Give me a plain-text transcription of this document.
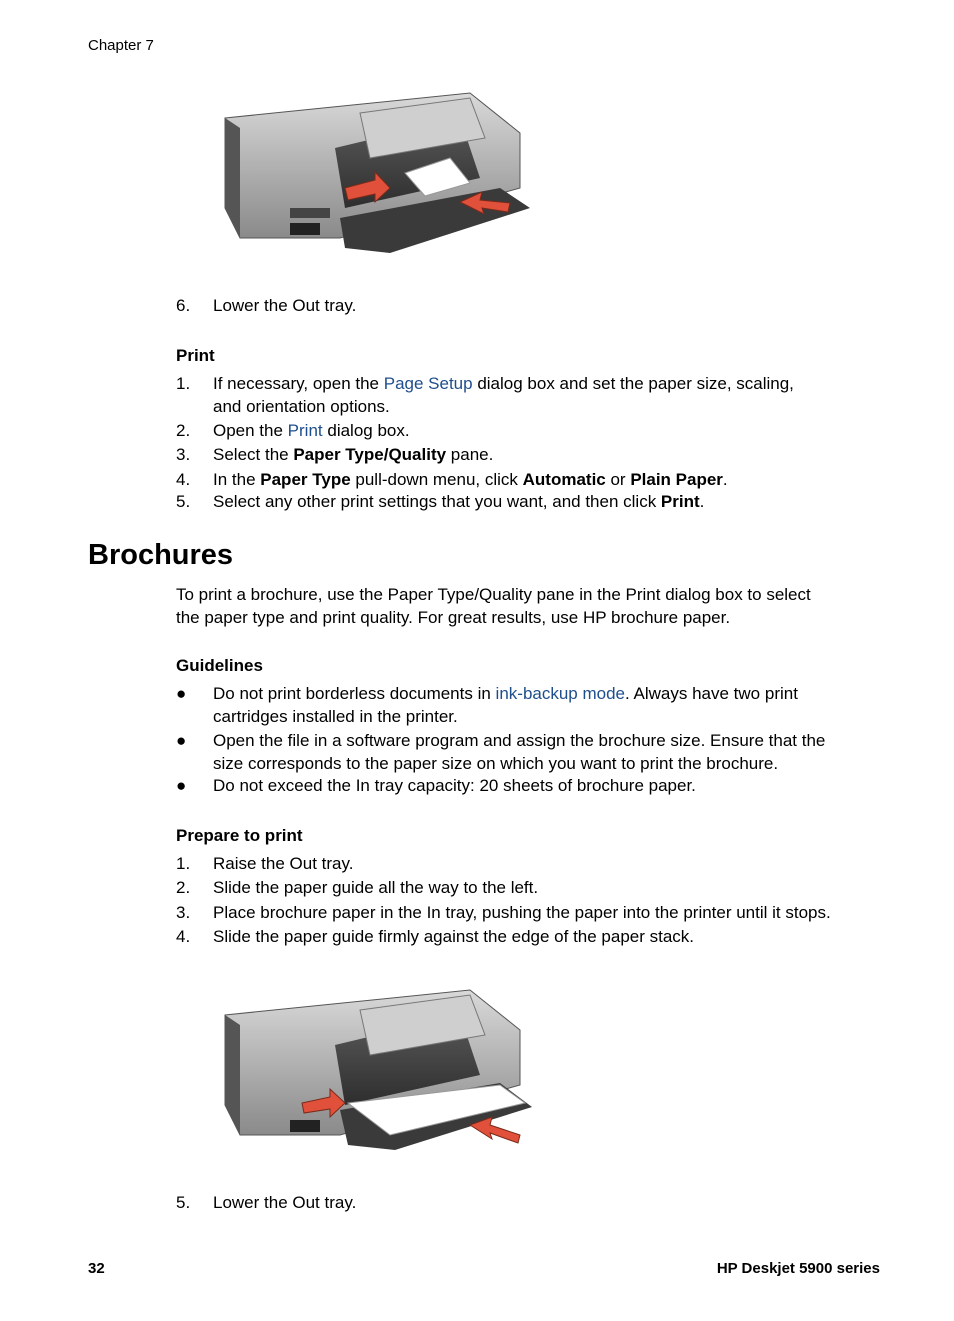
Chapter 7
6. Lower the Out tray.
Print
1. If necessary, open the Page Setup dialog box and set the paper size, scaling,
and orientation options.
2. Open the Print dialog box.
3. Select the Paper Type/Quality pane.
4. In the Paper Type pull-down menu, click Automatic or Plain Paper.
5. Select any other print settings that you want, and then click Print.
Brochures
To print a brochure, use the Paper Type/Quality pane in the Print dialog box to select
the paper type and print quality. For great results, use HP brochure paper.
Guidelines
● Do not print borderless documents in ink-backup mode. Always have two print
cartridges installed in the printer.
● Open the file in a software program and assign the brochure size. Ensure that the
size corresponds to the paper size on which you want to print the brochure.
● Do not exceed the In tray capacity: 20 sheets of brochure paper.
Prepare to print
1. Raise the Out tray.
2. Slide the paper guide all the way to the left.
3. Place brochure paper in the In tray, pushing the paper into the printer until it stops.
4. Slide the paper guide firmly against the edge of the paper stack.
5. Lower the Out tray.
32	HP Deskjet 5900 series
